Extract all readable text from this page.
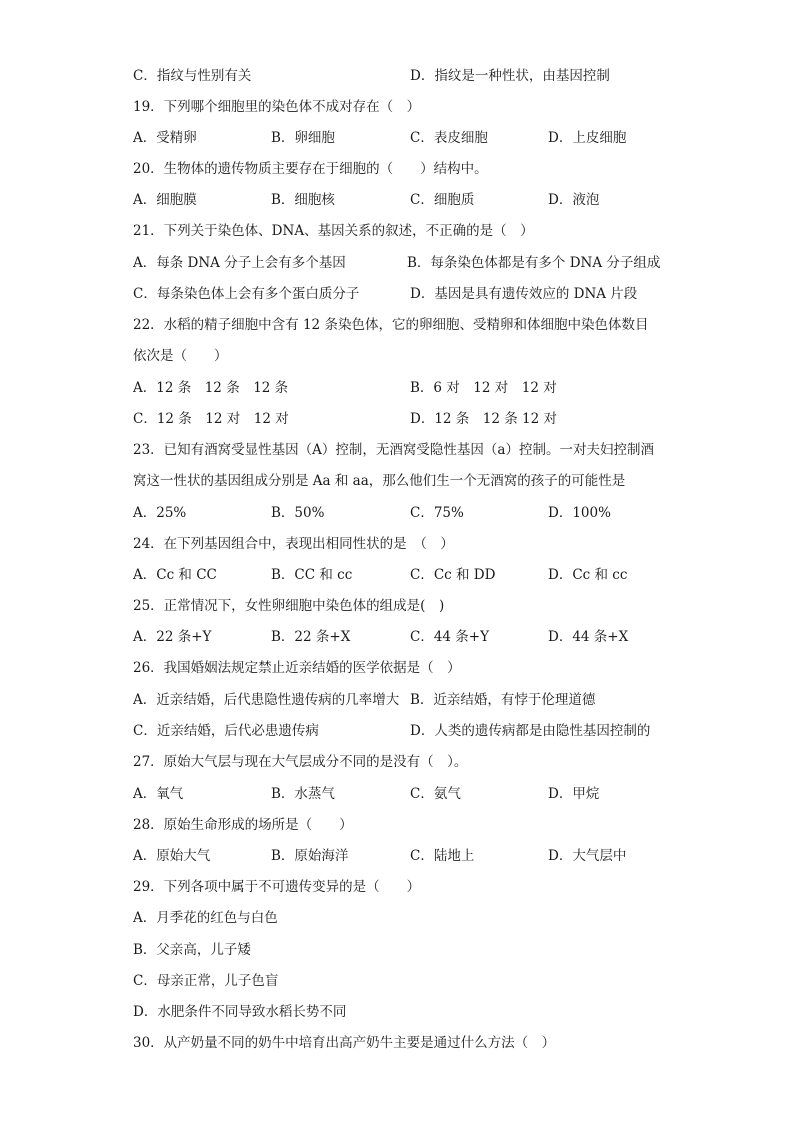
C．指纹与性别有关	D．指纹是一种性状，由基因控制
19．下列哪个细胞里的染色体不成对存在（　）
A．受精卵	B．卵细胞	C．表皮细胞	D．上皮细胞
20．生物体的遗传物质主要存在于细胞的（　　）结构中。
A．细胞膜	B．细胞核	C．细胞质	D．液泡
21．下列关于染色体、DNA、基因关系的叙述，不正确的是（　）
A．每条 DNA 分子上会有多个基因	B．每条染色体都是有多个 DNA 分子组成
C．每条染色体上会有多个蛋白质分子	D．基因是具有遗传效应的 DNA 片段
22．水稻的精子细胞中含有 12 条染色体，它的卵细胞、受精卵和体细胞中染色体数目
依次是（　　）
A．12 条　12 条　12 条	B．6 对　12 对　12 对
C．12 条　12 对　12 对	D．12 条　12 条 12 对
23．已知有酒窝受显性基因（A）控制，无酒窝受隐性基因（a）控制。一对夫妇控制酒
窝这一性状的基因组成分别是 Aa 和 aa，那么他们生一个无酒窝的孩子的可能性是
A．25%	B．50%	C．75%	D．100%
24．在下列基因组合中，表现出相同性状的是　（　）
A．Cc 和 CC	B．CC 和 cc	C．Cc 和 DD	D．Cc 和 cc
25．正常情况下，女性卵细胞中染色体的组成是(　)
A．22 条+Y	B．22 条+X	C．44 条+Y	D．44 条+X
26．我国婚姻法规定禁止近亲结婚的医学依据是（　）
A．近亲结婚，后代患隐性遗传病的几率增大 B．近亲结婚，有悖于伦理道德
C．近亲结婚，后代必患遗传病	D．人类的遗传病都是由隐性基因控制的
27．原始大气层与现在大气层成分不同的是没有（　）。
A．氧气	B．水蒸气	C．氨气	D．甲烷
28．原始生命形成的场所是（　　）
A．原始大气	B．原始海洋	C．陆地上	D．大气层中
29．下列各项中属于不可遗传变异的是（　　）
A．月季花的红色与白色
B．父亲高，儿子矮
C．母亲正常，儿子色盲
D．水肥条件不同导致水稻长势不同
30．从产奶量不同的奶牛中培育出高产奶牛主要是通过什么方法（　）
